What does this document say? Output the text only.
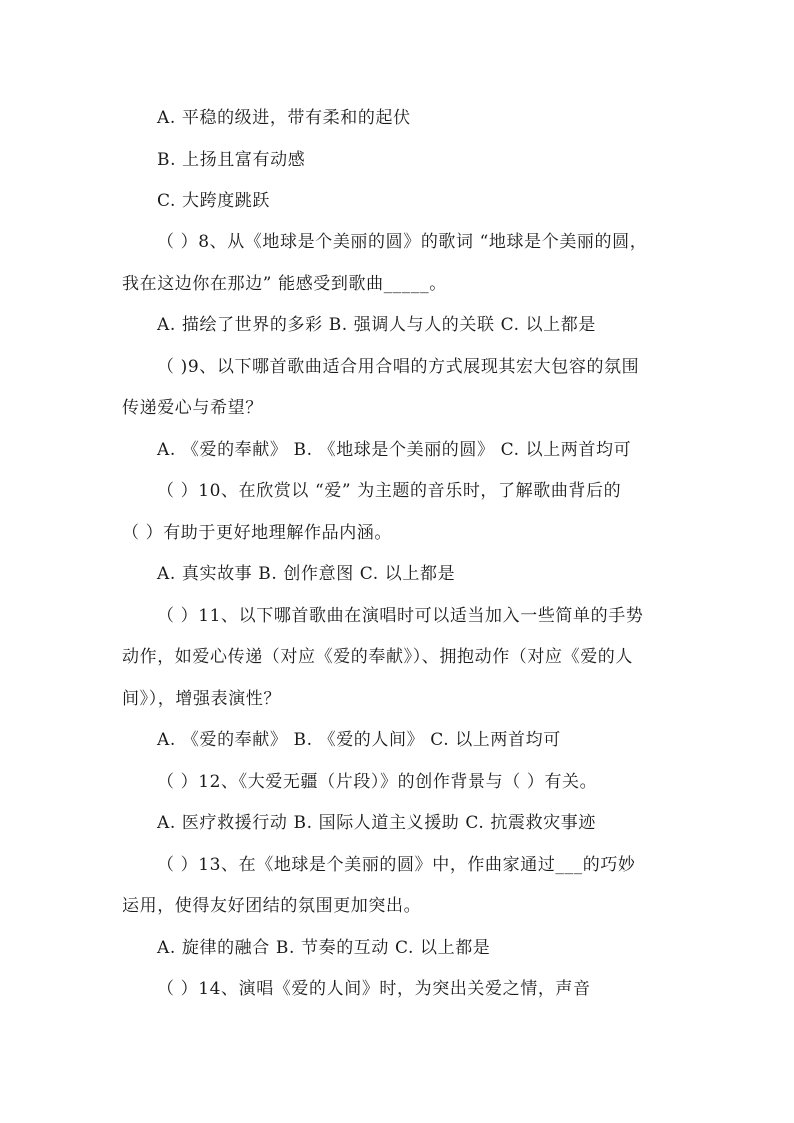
A. 平稳的级进，带有柔和的起伏
B. 上扬且富有动感
C. 大跨度跳跃
（ ）8、从《地球是个美丽的圆》的歌词 “地球是个美丽的圆，
我在这边你在那边” 能感受到歌曲_____。
A. 描绘了世界的多彩 B. 强调人与人的关联 C. 以上都是
（ )9、以下哪首歌曲适合用合唱的方式展现其宏大包容的氛围
传递爱心与希望？
A. 《爱的奉献》 B. 《地球是个美丽的圆》 C. 以上两首均可
（ ）10、在欣赏以 “爱” 为主题的音乐时，了解歌曲背后的
（ ）有助于更好地理解作品内涵。
A. 真实故事 B. 创作意图 C. 以上都是
（ ）11、以下哪首歌曲在演唱时可以适当加入一些简单的手势
动作，如爱心传递（对应《爱的奉献》）、拥抱动作（对应《爱的人
间》），增强表演性？
A. 《爱的奉献》 B. 《爱的人间》 C. 以上两首均可
（ ）12、《大爱无疆（片段）》的创作背景与（ ）有关。
A. 医疗救援行动 B. 国际人道主义援助 C. 抗震救灾事迹
（ ）13、在《地球是个美丽的圆》中，作曲家通过___的巧妙
运用，使得友好团结的氛围更加突出。
A. 旋律的融合 B. 节奏的互动 C. 以上都是
（ ）14、演唱《爱的人间》时，为突出关爱之情，声音
